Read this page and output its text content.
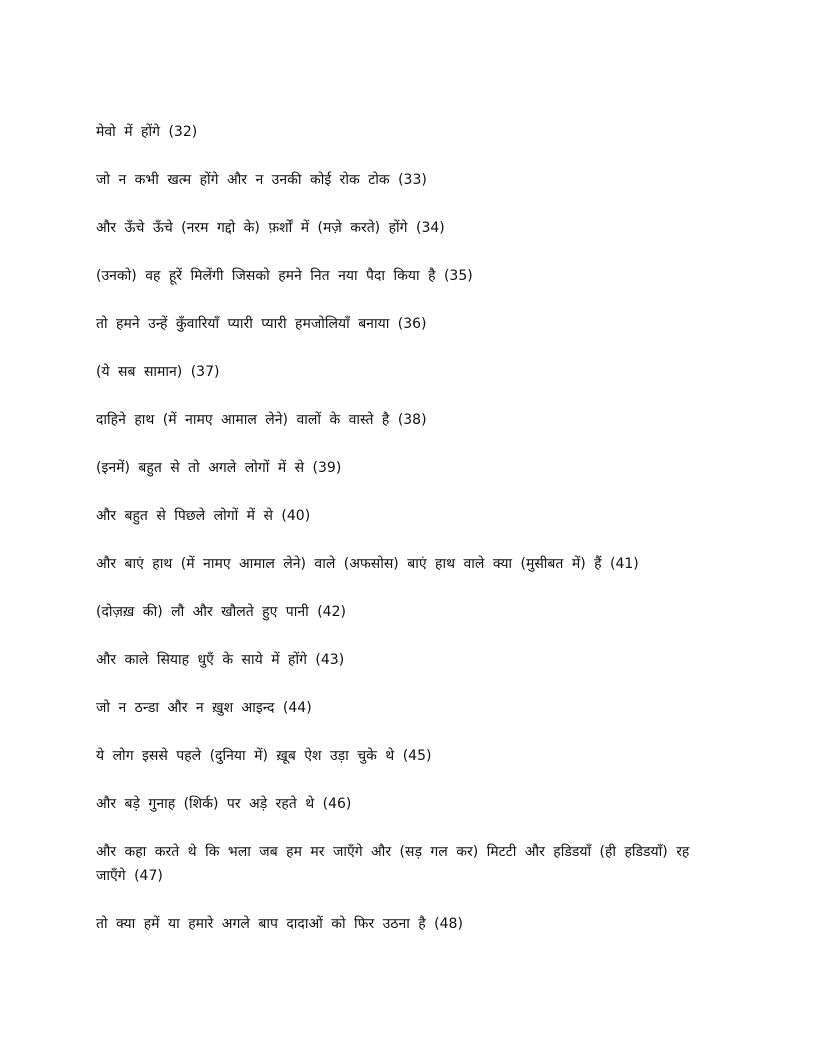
मेवो में होंगे (32)

जो न कभी खत्म होंगे और न उनकी कोई रोक टोक (33)

और ऊँचे ऊँचे (नरम गद्दो के) फ़र्शों में (मज़े करते) होंगे (34)

(उनको) वह हूरें मिलेंगी जिसको हमने नित नया पैदा किया है (35)

तो हमने उन्हें कुँवारियाँ प्यारी प्यारी हमजोलियाँ बनाया (36)

(ये सब सामान) (37)

दाहिने हाथ (में नामए आमाल लेने) वालों के वास्ते है (38)

(इनमें) बहुत से तो अगले लोगों में से (39)

और बहुत से पिछले लोगों में से (40)

और बाएं हाथ (में नामए आमाल लेने) वाले (अफसोस) बाएं हाथ वाले क्या (मुसीबत में) हैं (41)

(दोज़ख़ की) लौ और खौलते हुए पानी (42)

और काले सियाह धुएँ के साये में होंगे (43)

जो न ठन्डा और न ख़ुश आइन्द (44)

ये लोग इससे पहले (दुनिया में) ख़ूब ऐश उड़ा चुके थे (45)

और बड़े गुनाह (शिर्क) पर अड़े रहते थे (46)

और कहा करते थे कि भला जब हम मर जाएँगे और (सड़ गल कर) मिटटी और हडिडयाँ (ही हडिडयाँ) रह जाएँगे (47)

तो क्या हमें या हमारे अगले बाप दादाओं को फिर उठना है (48)
